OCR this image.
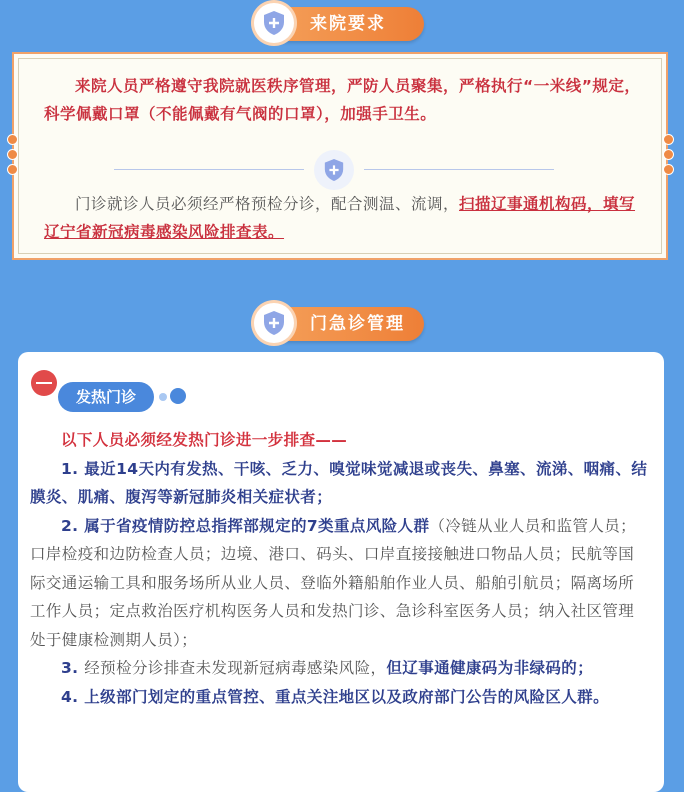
来院要求
来院人员严格遵守我院就医秩序管理，严防人员聚集，严格执行“一米线”规定，科学佩戴口罩（不能佩戴有气阀的口罩），加强手卫生。
门诊就诊人员必须经严格预检分诊，配合测温、流调，扫描辽事通机构码，填写辽宁省新冠病毒感染风险排查表。
门急诊管理
发热门诊

以下人员必须经发热门诊进一步排查——

1. 最近14天内有发热、干咳、乏力、嗅觉味觉减退或丧失、鼻塞、流涕、咽痛、结膜炎、肌痛、腹泻等新冠肺炎相关症状者；

2. 属于省疫情防控总指挥部规定的7类重点风险人群（冷链从业人员和监管人员；口岸检疫和边防检查人员；边境、港口、码头、口岸直接接触进口物品人员；民航等国际交通运输工具和服务场所从业人员、登临外籍船舶作业人员、船舶引航员；隔离场所工作人员；定点救治医疗机构医务人员和发热门诊、急诊科室医务人员；纳入社区管理处于健康检测期人员）；

3. 经预检分诊排查未发现新冠病毒感染风险，但辽事通健康码为非绿码的；

4. 上级部门划定的重点管控、重点关注地区以及政府部门公告的风险区人群。
